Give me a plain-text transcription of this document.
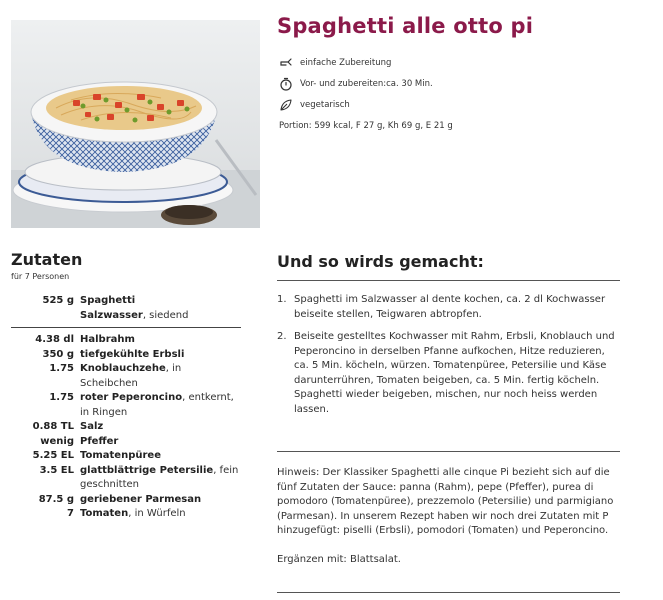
Spaghetti alle otto pi
einfache Zubereitung
Vor- und zubereiten:ca. 30 Min.
vegetarisch
Portion: 599 kcal, F 27 g, Kh 69 g, E 21 g
Zutaten
für 7 Personen
525 g Spaghetti
Salzwasser, siedend
4.38 dl Halbrahm
350 g tiefgekühlte Erbsli
1.75 Knoblauchzehe, in Scheibchen
1.75 roter Peperoncino, entkernt, in Ringen
0.88 TL Salz
wenig Pfeffer
5.25 EL Tomatenpüree
3.5 EL glattblättrige Petersilie, fein geschnitten
87.5 g geriebener Parmesan
7 Tomaten, in Würfeln
Und so wirds gemacht:
1. Spaghetti im Salzwasser al dente kochen, ca. 2 dl Kochwasser beiseite stellen, Teigwaren abtropfen.
2. Beiseite gestelltes Kochwasser mit Rahm, Erbsli, Knoblauch und Peperoncino in derselben Pfanne aufkochen, Hitze reduzieren, ca. 5 Min. köcheln, würzen. Tomatenpüree, Petersilie und Käse darunterrühren, Tomaten beigeben, ca. 5 Min. fertig köcheln. Spaghetti wieder beigeben, mischen, nur noch heiss werden lassen.
Hinweis: Der Klassiker Spaghetti alle cinque Pi bezieht sich auf die fünf Zutaten der Sauce: panna (Rahm), pepe (Pfeffer), purea di pomodoro (Tomatenpüree), prezzemolo (Petersilie) und parmigiano (Parmesan). In unserem Rezept haben wir noch drei Zutaten mit P hinzugefügt: piselli (Erbsli), pomodori (Tomaten) und Peperoncino.
Ergänzen mit: Blattsalat.
